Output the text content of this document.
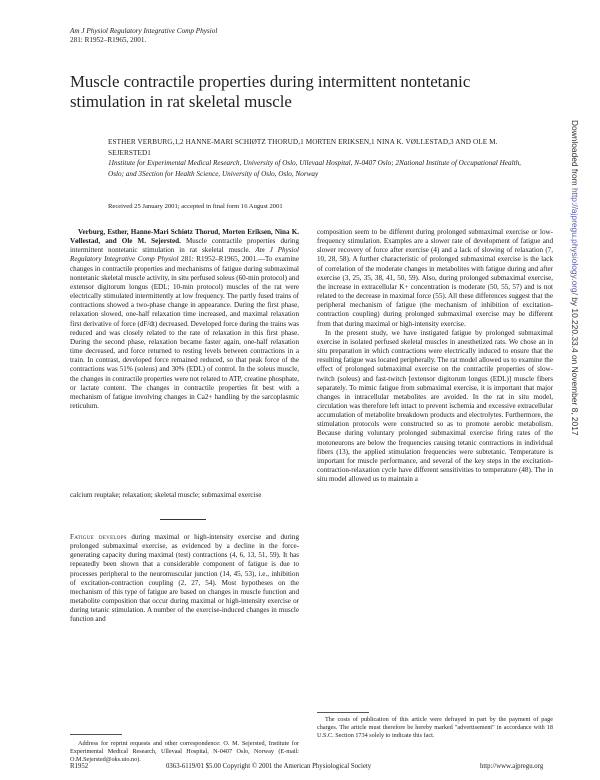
Am J Physiol Regulatory Integrative Comp Physiol
281: R1952–R1965, 2001.
Muscle contractile properties during intermittent nontetanic stimulation in rat skeletal muscle
ESTHER VERBURG,1,2 HANNE-MARI SCHIØTZ THORUD,1 MORTEN ERIKSEN,1 NINA K. VØLLESTAD,3 AND OLE M. SEJERSTED1
1Institute for Experimental Medical Research, University of Oslo, Ullevaal Hospital, N-0407 Oslo; 2National Institute of Occupational Health, Oslo; and 3Section for Health Science, University of Oslo, Oslo, Norway
Received 25 January 2001; accepted in final form 16 August 2001

Verburg, Esther, Hanne-Mari Schiøtz Thorud, Morten Eriksen, Nina K. Vøllestad, and Ole M. Sejersted. Muscle contractile properties during intermittent nontetanic stimulation in rat skeletal muscle. Am J Physiol Regulatory Integrative Comp Physiol 281: R1952–R1965, 2001.—To examine changes in contractile properties and mechanisms of fatigue during submaximal nontetanic skeletal muscle activity, in situ perfused soleus (60-min protocol) and extensor digitorum longus (EDL; 10-min protocol) muscles of the rat were electrically stimulated intermittently at low frequency. The partly fused trains of contractions showed a two-phase change in appearance. During the first phase, relaxation slowed, one-half relaxation time increased, and maximal relaxation first derivative of force (dF/dt) decreased. Developed force during the trains was reduced and was closely related to the rate of relaxation in this first phase. During the second phase, relaxation became faster again, one-half relaxation time decreased, and force returned to resting levels between contractions in a train. In contrast, developed force remained reduced, so that peak force of the contractions was 51% (soleus) and 30% (EDL) of control. In the soleus muscle, the changes in contractile properties were not related to ATP, creatine phosphate, or lactate content. The changes in contractile properties fit best with a mechanism of fatigue involving changes in Ca2+ handling by the sarcoplasmic reticulum.

calcium reuptake; relaxation; skeletal muscle; submaximal exercise

Fatigue develops during maximal or high-intensity exercise and during prolonged submaximal exercise, as evidenced by a decline in the force-generating capacity during maximal (test) contractions (4, 6, 13, 51, 59). It has repeatedly been shown that a considerable component of fatigue is due to processes peripheral to the neuromuscular junction (14, 45, 53), i.e., inhibition of excitation-contraction coupling (2, 27, 54). Most hypotheses on the mechanism of this type of fatigue are based on changes in muscle function and metabolite composition that occur during maximal or high-intensity exercise or during tetanic stimulation. A number of the exercise-induced changes in muscle function and

composition seem to be different during prolonged submaximal exercise or low-frequency stimulation. Examples are a slower rate of development of fatigue and slower recovery of force after exercise (4) and a lack of slowing of relaxation (7, 10, 28, 58). A further characteristic of prolonged submaximal exercise is the lack of correlation of the moderate changes in metabolites with fatigue during and after exercise (3, 25, 35, 38, 41, 50, 59). Also, during prolonged submaximal exercise, the increase in extracellular K+ concentration is moderate (50, 55, 57) and is not related to the decrease in maximal force (55). All these differences suggest that the peripheral mechanism of fatigue (the mechanism of inhibition of excitation-contraction coupling) during prolonged submaximal exercise may be different from that during maximal or high-intensity exercise.

In the present study, we have instigated fatigue by prolonged submaximal exercise in isolated perfused skeletal muscles in anesthetized rats. We chose an in situ preparation in which contractions were electrically induced to ensure that the resulting fatigue was located peripherally. The rat model allowed us to examine the effect of prolonged submaximal exercise on the contractile properties of slow-twitch (soleus) and fast-twitch [extensor digitorum longus (EDL)] muscle fibers separately. To mimic fatigue from submaximal exercise, it is important that major changes in intracellular metabolites are avoided. In the rat in situ model, circulation was therefore left intact to prevent ischemia and excessive extracellular accumulation of metabolite breakdown products and electrolytes. Furthermore, the stimulation protocols were constructed so as to promote aerobic metabolism. Because during voluntary prolonged submaximal exercise firing rates of the motoneurons are below the frequencies causing tetanic contractions in individual fibers (13), the applied stimulation frequencies were subtetanic. Temperature is important for muscle performance, and several of the key steps in the excitation-contraction-relaxation cycle have different sensitivities to temperature (48). The in situ model allowed us to maintain a

Address for reprint requests and other correspondence: O. M. Sejersted, Institute for Experimental Medical Research, Ullevaal Hospital, N-0407 Oslo, Norway (E-mail: O.M.Sejersted@oks.uio.no).

The costs of publication of this article were defrayed in part by the payment of page charges. The article must therefore be hereby marked "advertisement" in accordance with 18 U.S.C. Section 1734 solely to indicate this fact.

R1952	0363-6119/01 $5.00 Copyright © 2001 the American Physiological Society	http://www.ajpregu.org
Downloaded from http://ajpregu.physiology.org/ by 10.220.33.4 on November 8, 2017
